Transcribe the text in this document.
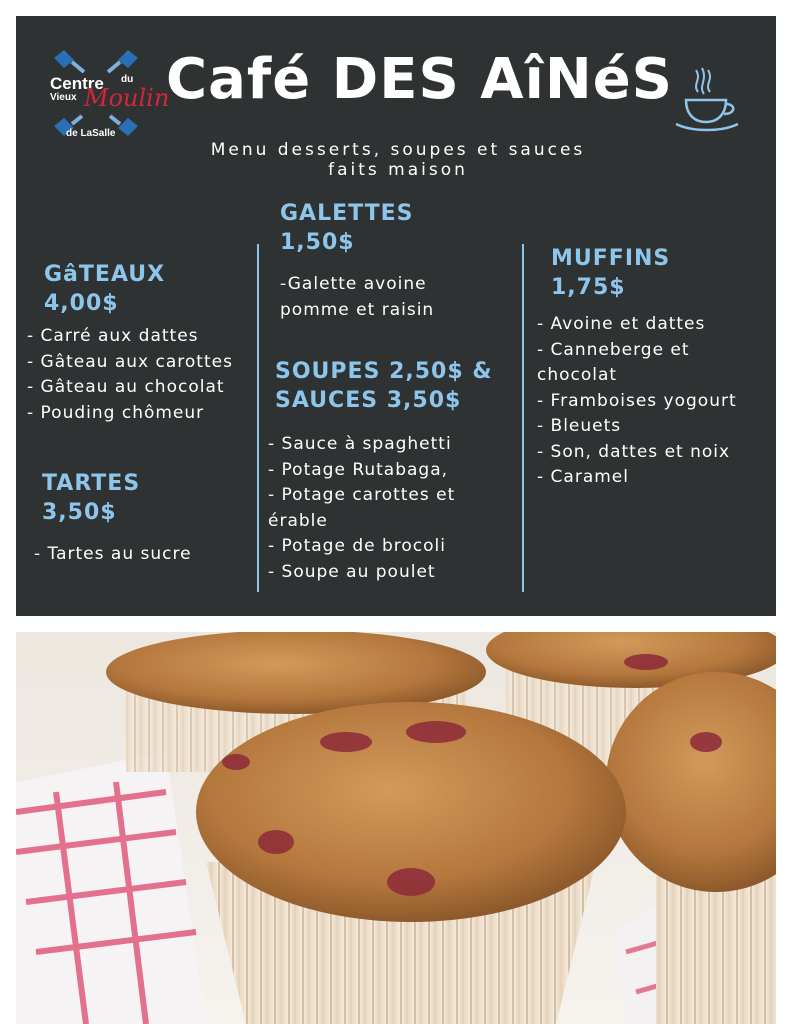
Centre du
Vieux Moulin
de LaSalle
Café DES AîNéS
Menu desserts, soupes et sauces
faits maison
GâTEAUX
4,00$
- Carré aux dattes
- Gâteau aux carottes
- Gâteau au chocolat
- Pouding chômeur
TARTES
3,50$
- Tartes au sucre
GALETTES
1,50$
-Galette avoine
pomme et raisin
SOUPES 2,50$ &
SAUCES 3,50$
- Sauce à spaghetti
- Potage Rutabaga,
- Potage carottes et
érable
- Potage de brocoli
- Soupe au poulet
MUFFINS
1,75$
- Avoine et dattes
- Canneberge et
chocolat
- Framboises yogourt
- Bleuets
- Son, dattes et noix
- Caramel
